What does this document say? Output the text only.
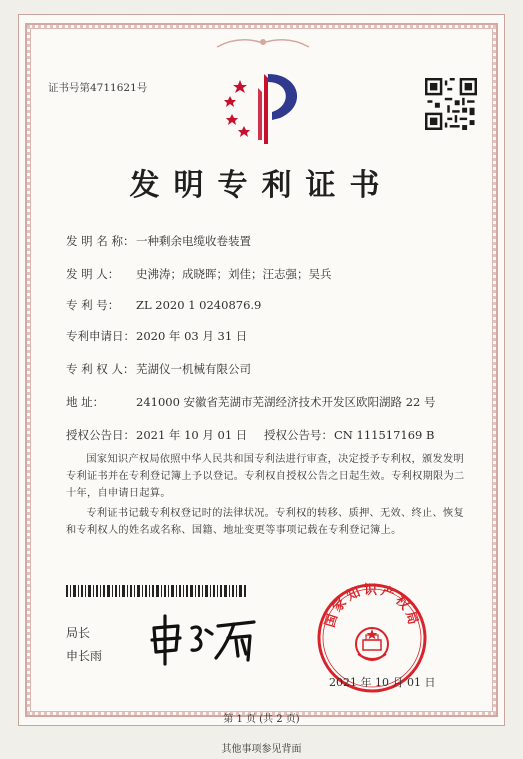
证书号第4711621号
发明专利证书
发 明 名 称： 一种剩余电缆收卷装置
发 明 人： 史沸涛；成晓晖；刘佳；汪志强；吴兵
专 利 号： ZL 2020 1 0240876.9
专利申请日：2020 年 03 月 31 日
专 利 权 人： 芜湖仪一机械有限公司
地 址：	241000 安徽省芜湖市芜湖经济技术开发区欧阳湖路 22 号
授权公告日：2021 年 10 月 01 日 授权公告号：CN 111517169 B
国家知识产权局依照中华人民共和国专利法进行审查，决定授予专利权，颁发发明专利证书并在专利登记簿上予以登记。专利权自授权公告之日起生效。专利权期限为二十年，自申请日起算。
专利证书记载专利权登记时的法律状况。专利权的转移、质押、无效、终止、恢复和专利权人的姓名或名称、国籍、地址变更等事项记载在专利登记簿上。
局长
申长雨
国家知识产权局
2021 年 10 月 01 日
第 1 页 (共 2 页)
其他事项参见背面
